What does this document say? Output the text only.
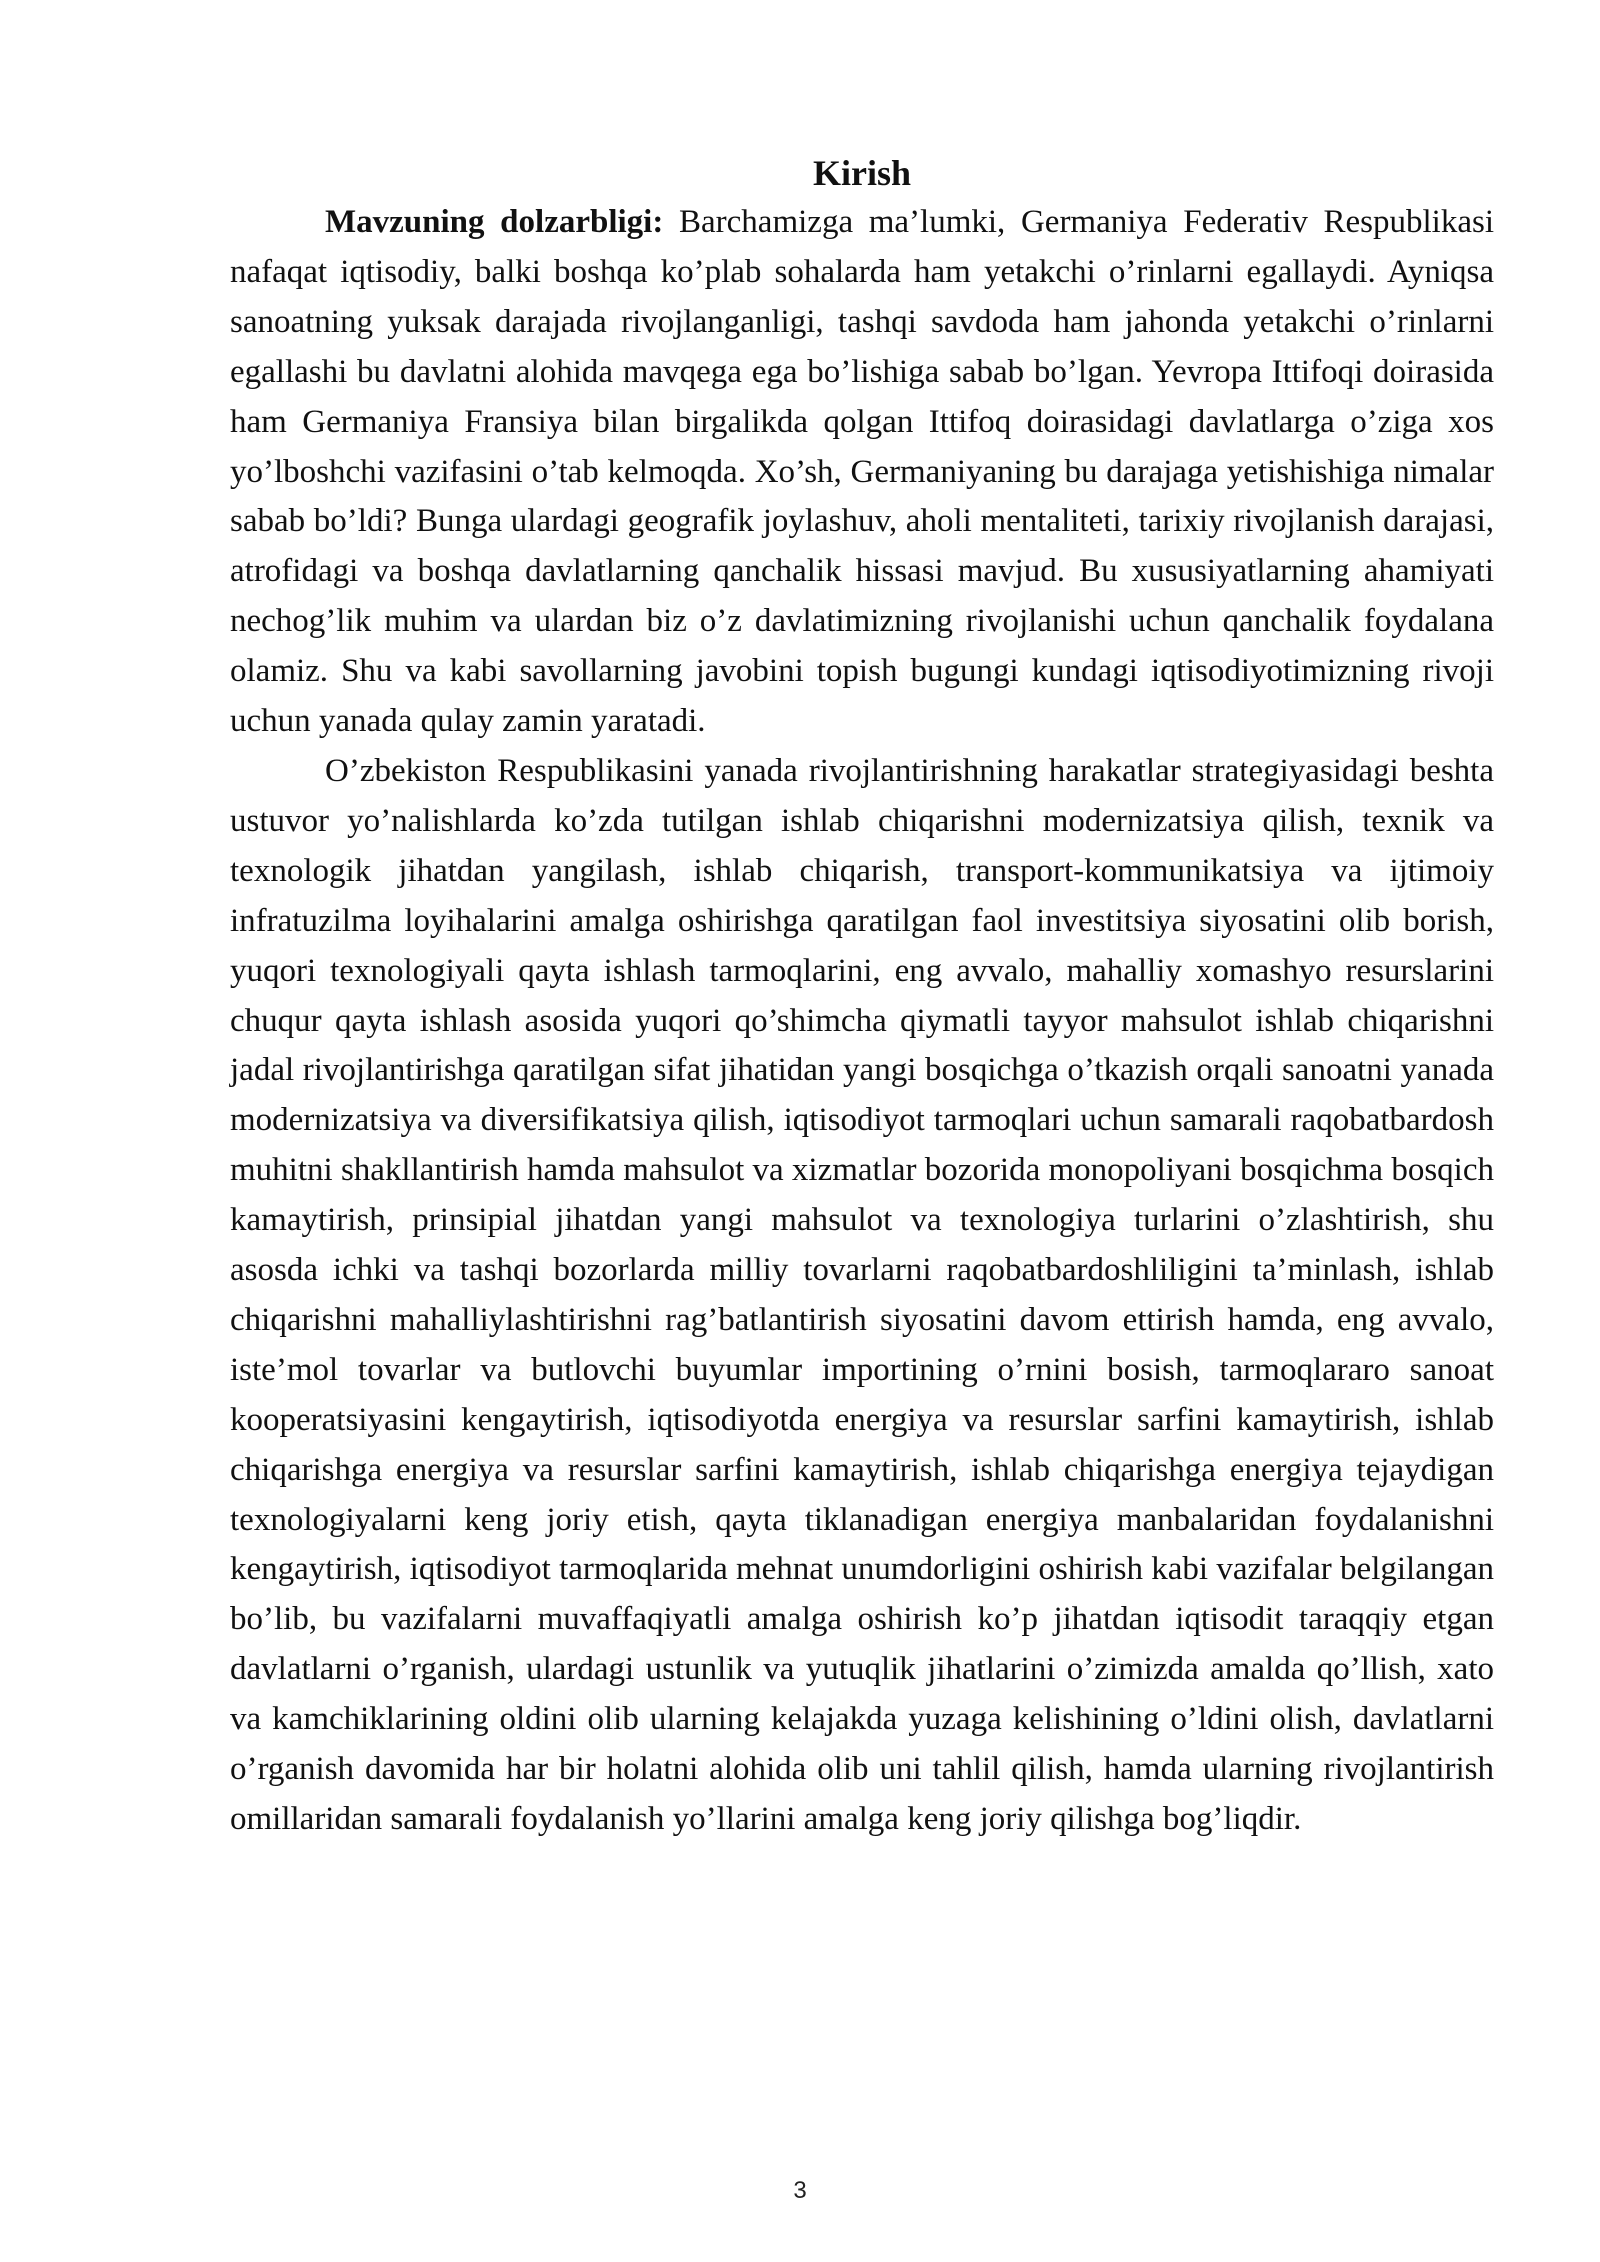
Kirish

Mavzuning dolzarbligi: Barchamizga ma’lumki, Germaniya Federativ Respublikasi nafaqat iqtisodiy, balki boshqa ko’plab sohalarda ham yetakchi o’rinlarni egallaydi. Ayniqsa sanoatning yuksak darajada rivojlanganligi, tashqi savdoda ham jahonda yetakchi o’rinlarni egallashi bu davlatni alohida mavqega ega bo’lishiga sabab bo’lgan. Yevropa Ittifoqi doirasida ham Germaniya Fransiya bilan birgalikda qolgan Ittifoq doirasidagi davlatlarga o’ziga xos yo’lboshchi vazifasini o’tab kelmoqda. Xo’sh, Germaniyaning bu darajaga yetishishiga nimalar sabab bo’ldi? Bunga ulardagi geografik joylashuv, aholi mentaliteti, tarixiy rivojlanish darajasi, atrofidagi va boshqa davlatlarning qanchalik hissasi mavjud. Bu xususiyatlarning ahamiyati nechog’lik muhim va ulardan biz o’z davlatimizning rivojlanishi uchun qanchalik foydalana olamiz. Shu va kabi savollarning javobini topish bugungi kundagi iqtisodiyotimizning rivoji uchun yanada qulay zamin yaratadi.

O’zbekiston Respublikasini yanada rivojlantirishning harakatlar strategiyasidagi beshta ustuvor yo’nalishlarda ko’zda tutilgan ishlab chiqarishni modernizatsiya qilish, texnik va texnologik jihatdan yangilash, ishlab chiqarish, transport-kommunikatsiya va ijtimoiy infratuzilma loyihalarini amalga oshirishga qaratilgan faol investitsiya siyosatini olib borish, yuqori texnologiyali qayta ishlash tarmoqlarini, eng avvalo, mahalliy xomashyo resurslarini chuqur qayta ishlash asosida yuqori qo’shimcha qiymatli tayyor mahsulot ishlab chiqarishni jadal rivojlantirishga qaratilgan sifat jihatidan yangi bosqichga o’tkazish orqali sanoatni yanada modernizatsiya va diversifikatsiya qilish, iqtisodiyot tarmoqlari uchun samarali raqobatbardosh muhitni shakllantirish hamda mahsulot va xizmatlar bozorida monopoliyani bosqichma bosqich kamaytirish, prinsipial jihatdan yangi mahsulot va texnologiya turlarini o’zlashtirish, shu asosda ichki va tashqi bozorlarda milliy tovarlarni raqobatbardoshliligini ta’minlash, ishlab chiqarishni mahalliylashtirishni rag’batlantirish siyosatini davom ettirish hamda, eng avvalo, iste’mol tovarlar va butlovchi buyumlar importining o’rnini bosish, tarmoqlararo sanoat kooperatsiyasini kengaytirish, iqtisodiyotda energiya va resurslar sarfini kamaytirish, ishlab chiqarishga energiya va resurslar sarfini kamaytirish, ishlab chiqarishga energiya tejaydigan texnologiyalarni keng joriy etish, qayta tiklanadigan energiya manbalaridan foydalanishni kengaytirish, iqtisodiyot tarmoqlarida mehnat unumdorligini oshirish kabi vazifalar belgilangan bo’lib, bu vazifalarni muvaffaqiyatli amalga oshirish ko’p jihatdan iqtisodit taraqqiy etgan davlatlarni o’rganish, ulardagi ustunlik va yutuqlik jihatlarini o’zimizda amalda qo’llish, xato va kamchiklarining oldini olib ularning kelajakda yuzaga kelishining o’ldini olish, davlatlarni o’rganish davomida har bir holatni alohida olib uni tahlil qilish, hamda ularning rivojlantirish omillaridan samarali foydalanish yo’llarini amalga keng joriy qilishga bog’liqdir.

3
